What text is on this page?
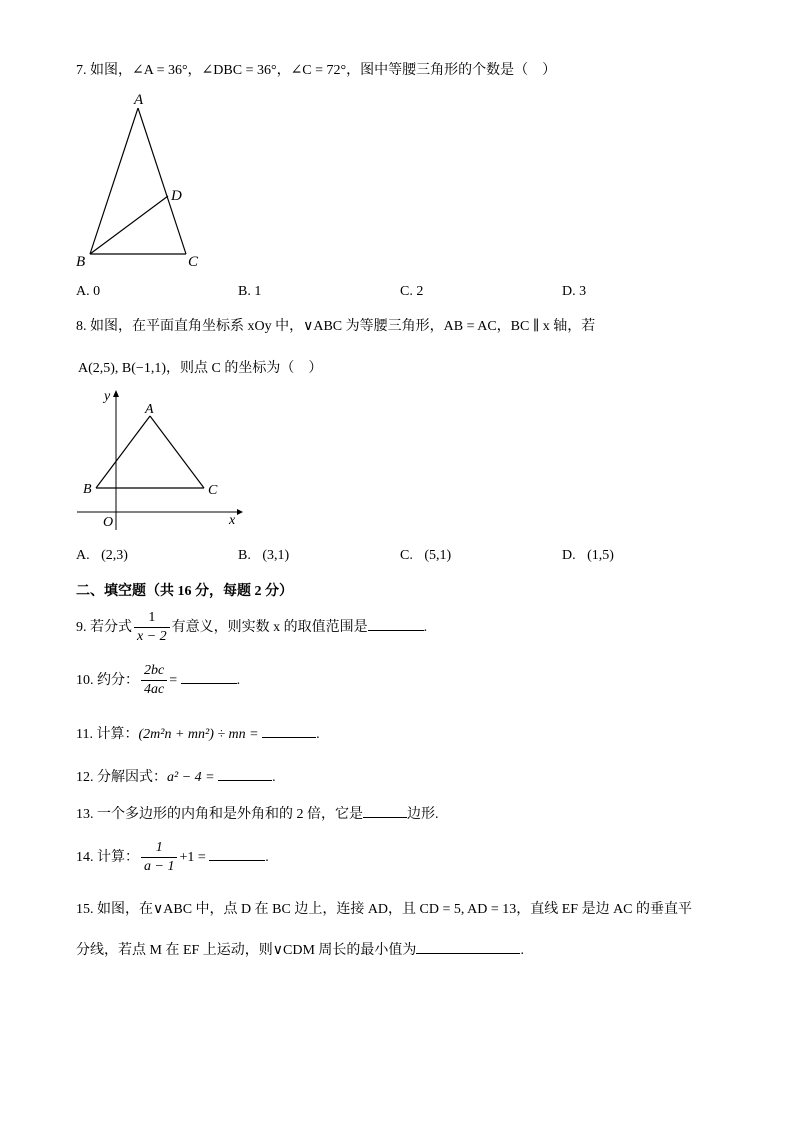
7. 如图，∠A = 36°，∠DBC = 36°，∠C = 72°，图中等腰三角形的个数是（　）
A
D
B	C
A. 0	B. 1	C. 2	D. 3
8. 如图，在平面直角坐标系 xOy 中，∨ABC 为等腰三角形，AB = AC，BC ∥ x 轴，若
A(2,5), B(−1,1)，则点 C 的坐标为（　）
A
B	C
O	x
y
A. (2,3)	B. (3,1)	C. (5,1)	D. (1,5)
二、填空题（共 16 分，每题 2 分）
9. 若分式 $\frac{1}{x - 2}$ 有意义，则实数 x 的取值范围是	.
10. 约分： $\frac{2bc}{4ac}$ =	.
11. 计算：(2m²n + mn²) ÷ mn =	.
12. 分解因式：a² − 4 =	.
13. 一个多边形的内角和是外角和的 2 倍，它是	边形.
14. 计算： $\frac{1}{a - 1} +1$ =	.
15. 如图，在∨ABC 中，点 D 在 BC 边上，连接 AD，且 CD = 5, AD = 13，直线 EF 是边 AC 的垂直平
分线，若点 M 在 EF 上运动，则∨CDM 周长的最小值为	.
